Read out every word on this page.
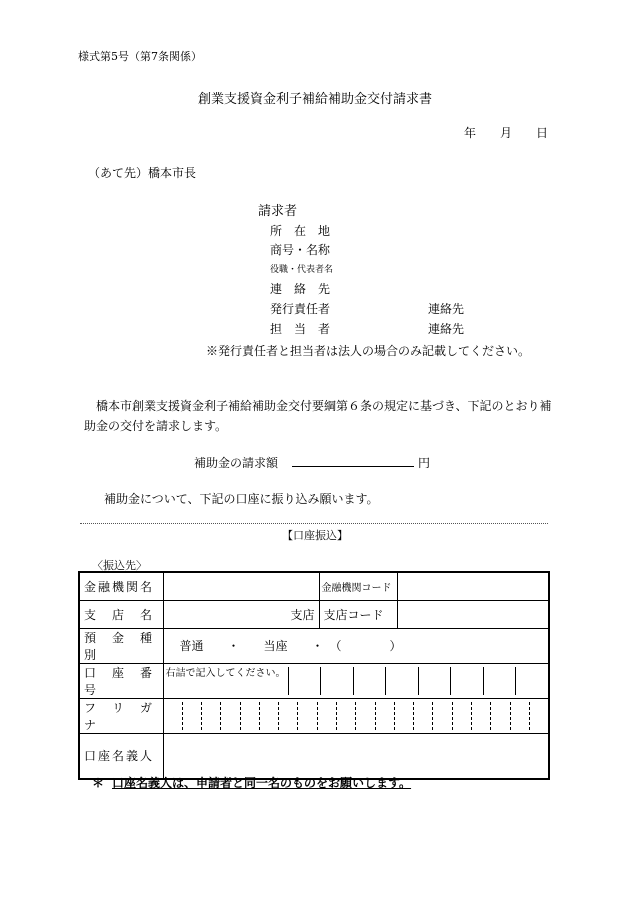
様式第5号（第7条関係）
創業支援資金利子補給補助金交付請求書
年 月 日
（あて先）橋本市長
請求者
所　在　地
商号・名称
役職・代表者名
連　絡　先
発行責任者	連絡先
担　当　者	連絡先
※発行責任者と担当者は法人の場合のみ記載してください。
橋本市創業支援資金利子補給補助金交付要綱第６条の規定に基づき、下記のとおり補助金の交付を請求します。
補助金の請求額	円
補助金について、下記の口座に振り込み願います。
【口座振込】
〈振込先〉
金融機関名		金融機関コード	
支　店　名	支店	支店コード	
預　金　種　別	普通　　・　　当座　　・　（　　　　）		
口　座　番　号	右詰で記入してください。		

フ　リ　ガ　ナ			

口座名義人			
＊ 口座名義人は、申請者と同一名のものをお願いします。
